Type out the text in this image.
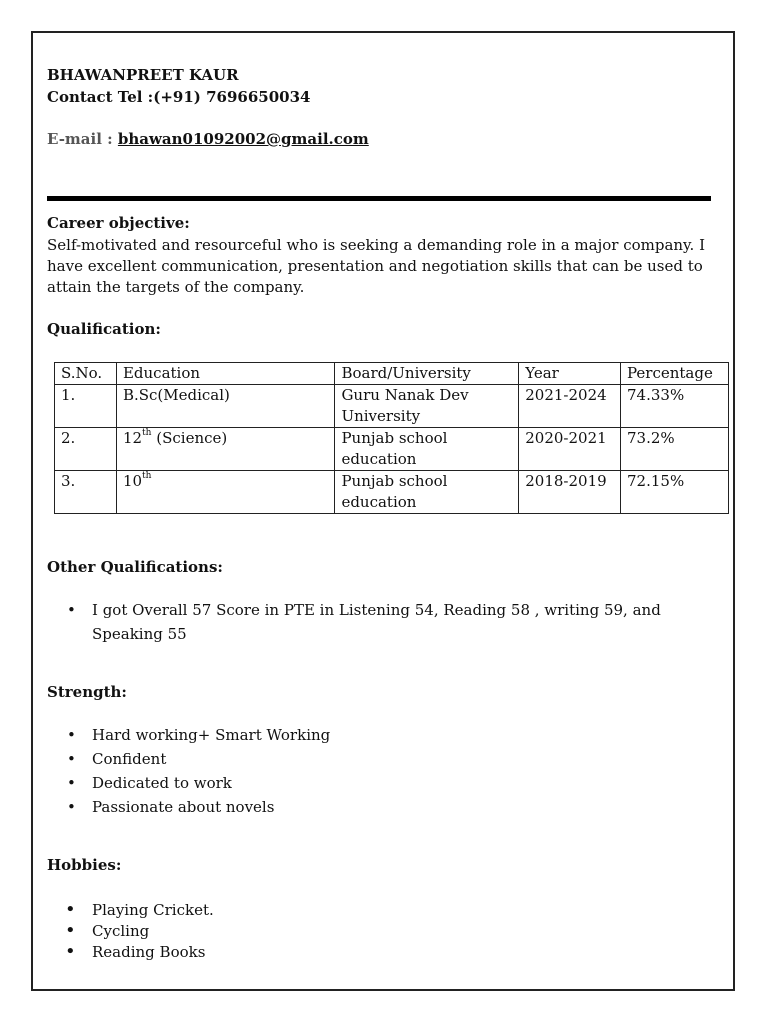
BHAWANPREET KAUR
Contact Tel :(+91) 7696650034
E-mail : bhawan01092002@gmail.com
Career objective:
Self-motivated and resourceful who is seeking a demanding role in a major company. I have excellent communication, presentation and negotiation skills that can be used to attain the targets of the company.
Qualification:
S.No.	Education	Board/University	Year	Percentage
1.	B.Sc(Medical)	Guru Nanak Dev University	2021-2024	74.33%
2.	12th (Science)	Punjab school education	2020-2021	73.2%
3.	10th	Punjab school education	2018-2019	72.15%
Other Qualifications:
• I got Overall 57 Score in PTE in Listening 54, Reading 58 , writing 59, and Speaking 55
Strength:
• Hard working+ Smart Working
• Confident
• Dedicated to work
• Passionate about novels
Hobbies:
• Playing Cricket.
• Cycling
• Reading Books
